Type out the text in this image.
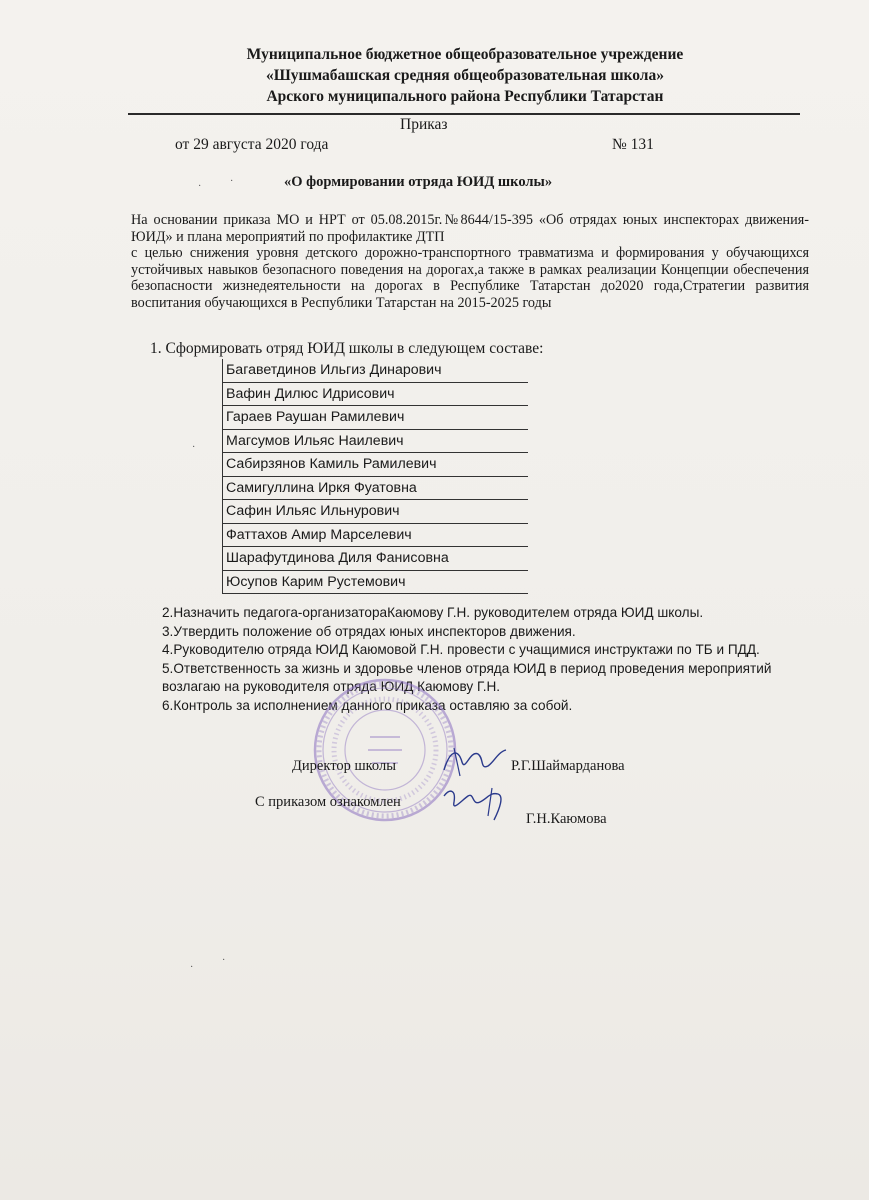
Муниципальное бюджетное общеобразовательное учреждение
«Шушмабашская средняя общеобразовательная школа»
Арского муниципального района Республики Татарстан
Приказ
от 29 августа 2020 года	№ 131
«О формировании отряда ЮИД школы»

На основании приказа МО и НРТ от 05.08.2015г.№8644/15-395 «Об отрядах юных инспекторах движения-ЮИД» и плана мероприятий по профилактике ДТП

с целью снижения уровня детского дорожно-транспортного травматизма и формирования у обучающихся устойчивых навыков безопасного поведения на дорогах,а также в рамках реализации Концепции обеспечения безопасности жизнедеятельности на дорогах в Республике Татарстан до2020 года,Стратегии развития воспитания обучающихся в Республики Татарстан на 2015-2025 годы

1. Сформировать отряд ЮИД школы в следующем составе:
Багаветдинов Ильгиз Динарович
Вафин Дилюс Идрисович
Гараев Раушан Рамилевич
Магсумов Ильяс Наилевич
Сабирзянов Камиль Рамилевич
Самигуллина Иркя Фуатовна
Сафин Ильяс Ильнурович
Фаттахов Амир Марселевич
Шарафутдинова Диля Фанисовна
Юсупов Карим Рустемович

2.Назначить педагога-организатораКаюмову Г.Н. руководителем отряда ЮИД школы.

3.Утвердить положение об отрядах юных инспекторов движения.

4.Руководителю отряда ЮИД Каюмовой Г.Н. провести с учащимися инструктажи по ТБ и ПДД.

5.Ответственность за жизнь и здоровье членов отряда ЮИД в период проведения мероприятий возлагаю на руководителя отряда ЮИД Каюмову Г.Н.

6.Контроль за исполнением данного приказа оставляю за собой.

Директор школы	Р.Г.Шаймарданова
С приказом ознакомлен
Г.Н.Каюмова
·	·
·
·
·
